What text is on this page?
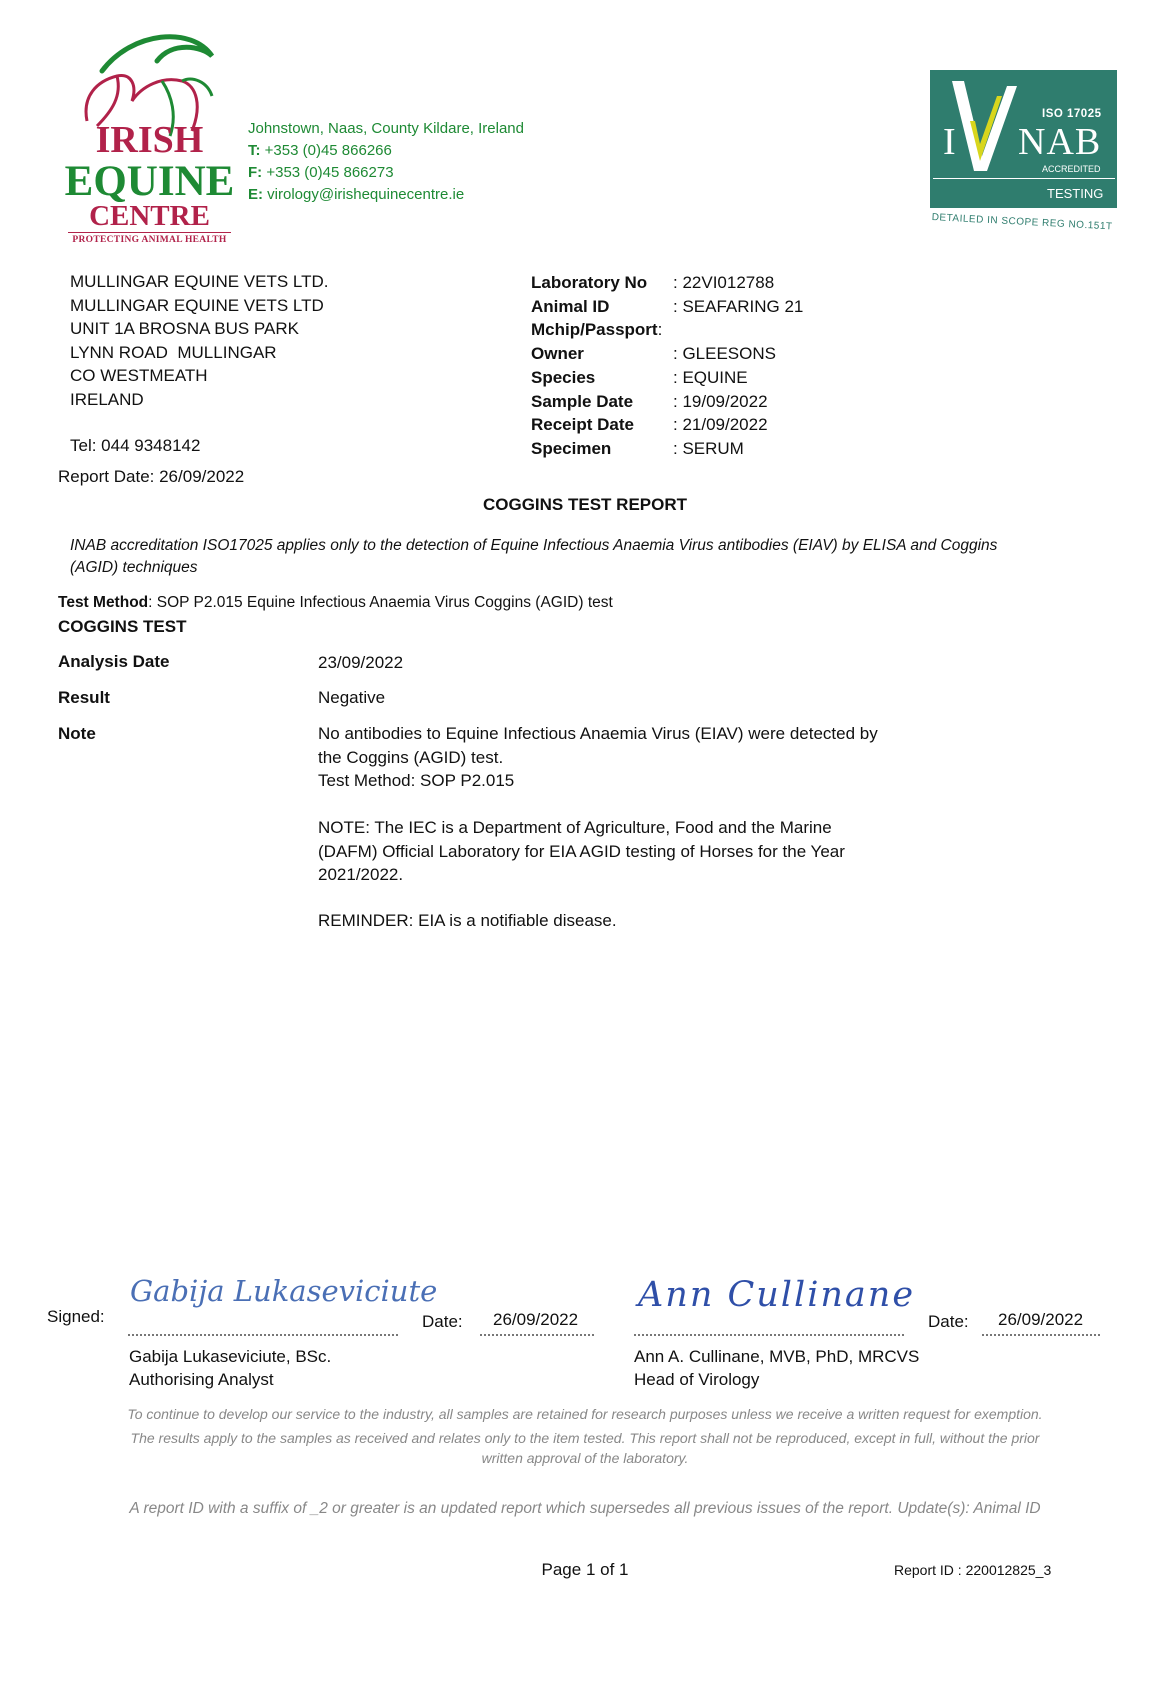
IRISH
EQUINE
CENTRE
PROTECTING ANIMAL HEALTH
Johnstown, Naas, County Kildare, Ireland
T: +353 (0)45 866266
F: +353 (0)45 866273
E: virology@irishequinecentre.ie
ISO 17025
I NAB
ACCREDITED
TESTING
DETAILED IN SCOPE REG NO.151T
MULLINGAR EQUINE VETS LTD.
MULLINGAR EQUINE VETS LTD
UNIT 1A BROSNA BUS PARK
LYNN ROAD  MULLINGAR
CO WESTMEATH
IRELAND
Tel: 044 9348142
Report Date: 26/09/2022
Laboratory No	: 22VI012788
Animal ID	: SEAFARING 21
Mchip/Passport :
Owner	: GLEESONS
Species	: EQUINE
Sample Date	: 19/09/2022
Receipt Date	: 21/09/2022
Specimen	: SERUM
COGGINS TEST REPORT
INAB accreditation ISO17025 applies only to the detection of Equine Infectious Anaemia Virus antibodies (EIAV) by ELISA and Coggins (AGID) techniques
Test Method: SOP P2.015 Equine Infectious Anaemia Virus Coggins (AGID) test
COGGINS TEST
Analysis Date	23/09/2022
Result	Negative
Note	No antibodies to Equine Infectious Anaemia Virus (EIAV) were detected by
the Coggins (AGID) test.
Test Method: SOP P2.015
NOTE: The IEC is a Department of Agriculture, Food and the Marine (DAFM) Official Laboratory for EIA AGID testing of Horses for the Year 2021/2022.
REMINDER: EIA is a notifiable disease.
Signed:
Gabija Lukaseviciute
Date: 26/09/2022
Gabija Lukaseviciute, BSc.
Authorising Analyst
Ann Cullinane
Date: 26/09/2022
Ann A. Cullinane, MVB, PhD, MRCVS
Head of Virology
To continue to develop our service to the industry, all samples are retained for research purposes unless we receive a written request for exemption.
The results apply to the samples as received and relates only to the item tested. This report shall not be reproduced, except in full, without the prior
written approval of the laboratory.
A report ID with a suffix of _2 or greater is an updated report which supersedes all previous issues of the report. Update(s): Animal ID
Page 1 of 1	Report ID : 220012825_3
